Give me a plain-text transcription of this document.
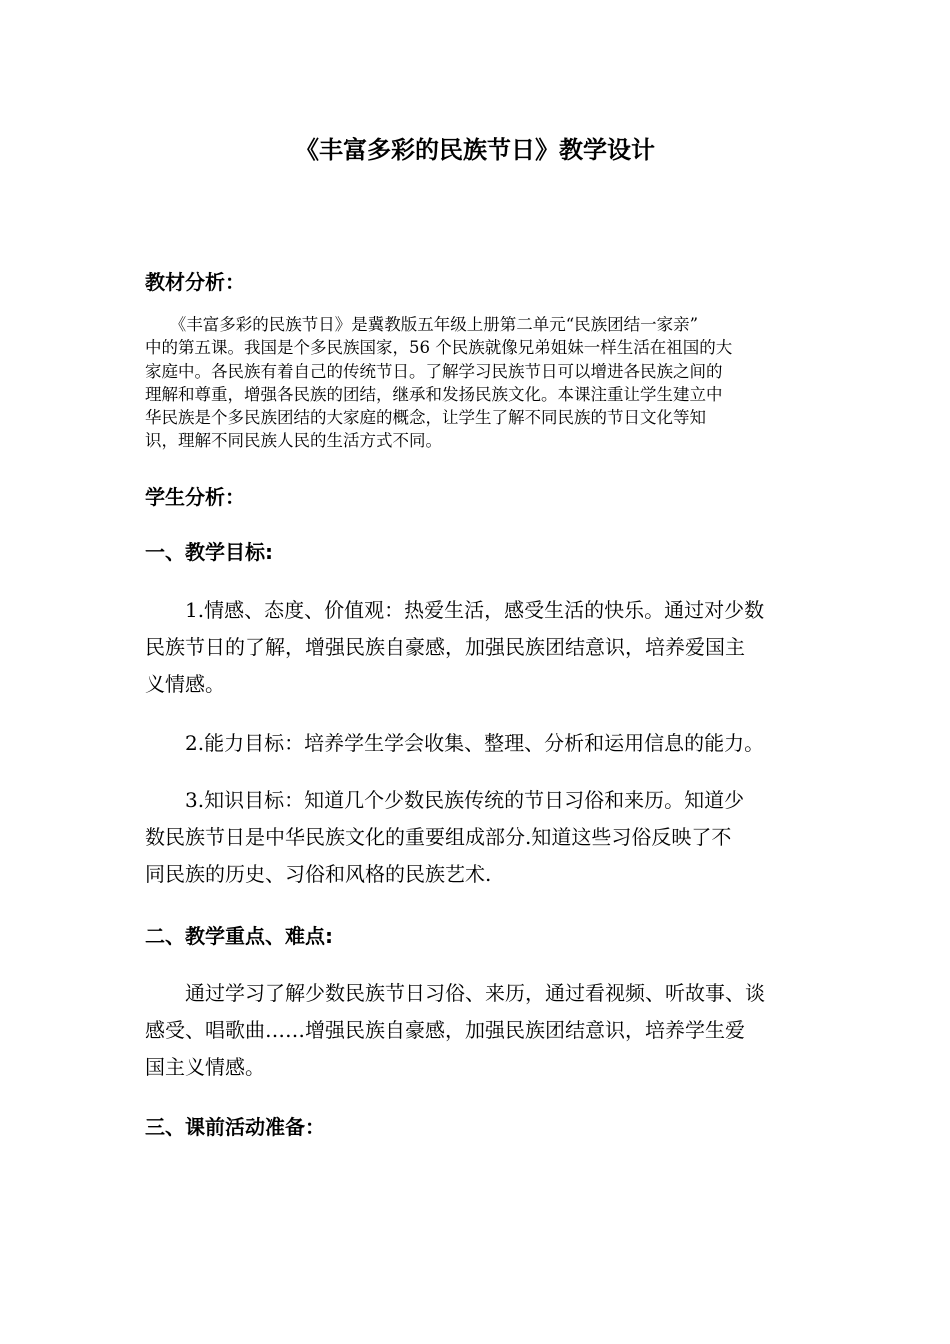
《丰富多彩的民族节日》教学设计
教材分析：

　　《丰富多彩的民族节日》是冀教版五年级上册第二单元“民族团结一家亲”
中的第五课。我国是个多民族国家，56 个民族就像兄弟姐妹一样生活在祖国的大
家庭中。各民族有着自己的传统节日。了解学习民族节日可以增进各民族之间的
理解和尊重，增强各民族的团结，继承和发扬民族文化。本课注重让学生建立中
华民族是个多民族团结的大家庭的概念，让学生了解不同民族的节日文化等知
识，理解不同民族人民的生活方式不同。

学生分析：
一、教学目标:

　　1.情感、态度、价值观：热爱生活，感受生活的快乐。通过对少数
民族节日的了解，增强民族自豪感，加强民族团结意识，培养爱国主
义情感。

　　2.能力目标：培养学生学会收集、整理、分析和运用信息的能力。

　　3.知识目标：知道几个少数民族传统的节日习俗和来历。知道少
数民族节日是中华民族文化的重要组成部分.知道这些习俗反映了不
同民族的历史、习俗和风格的民族艺术.

二、教学重点、难点:

　　通过学习了解少数民族节日习俗、来历，通过看视频、听故事、谈
感受、唱歌曲……增强民族自豪感，加强民族团结意识，培养学生爱
国主义情感。

三、课前活动准备：
